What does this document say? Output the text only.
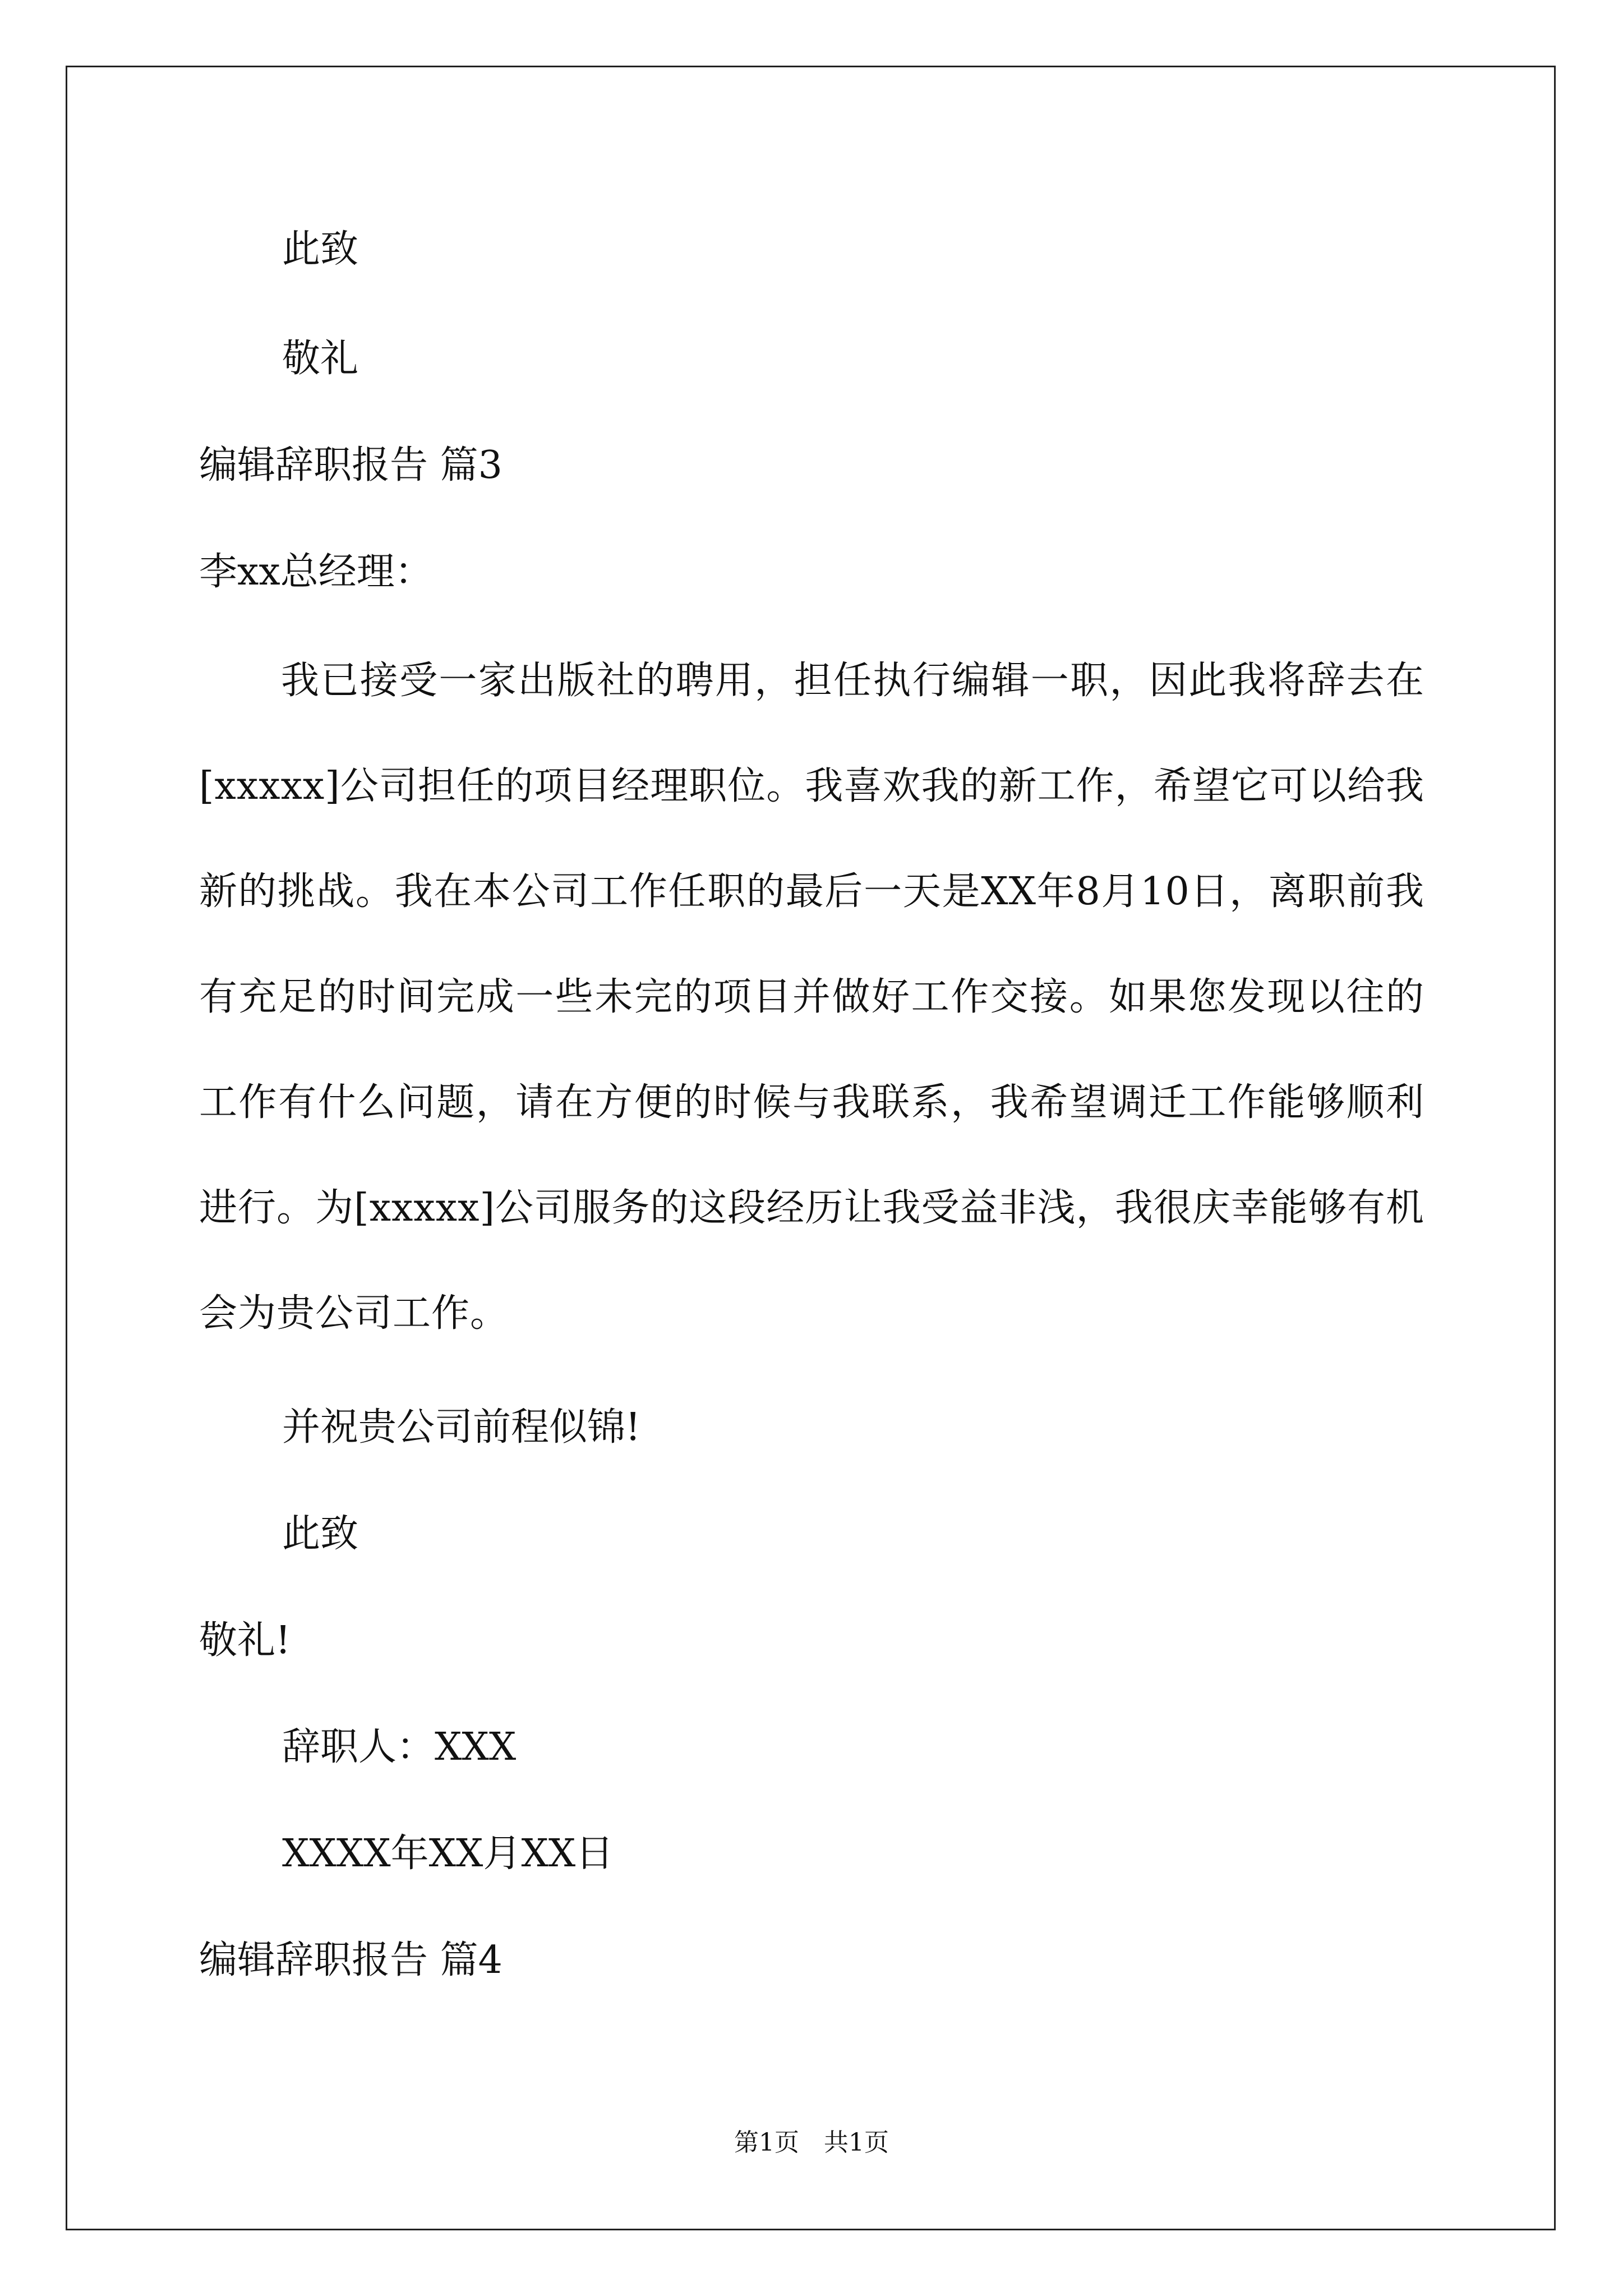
此致
敬礼
编辑辞职报告 篇3
李xx总经理：
我已接受一家出版社的聘用，担任执行编辑一职，因此我将辞去在[xxxxx]公司担任的项目经理职位。我喜欢我的新工作，希望它可以给我新的挑战。我在本公司工作任职的最后一天是XX年8月10日，离职前我有充足的时间完成一些未完的项目并做好工作交接。如果您发现以往的工作有什么问题，请在方便的时候与我联系，我希望调迁工作能够顺利进行。为[xxxxx]公司服务的这段经历让我受益非浅，我很庆幸能够有机会为贵公司工作。
并祝贵公司前程似锦!
此致
敬礼!
辞职人：XXX
XXXX年XX月XX日
编辑辞职报告 篇4
第1页　共1页
